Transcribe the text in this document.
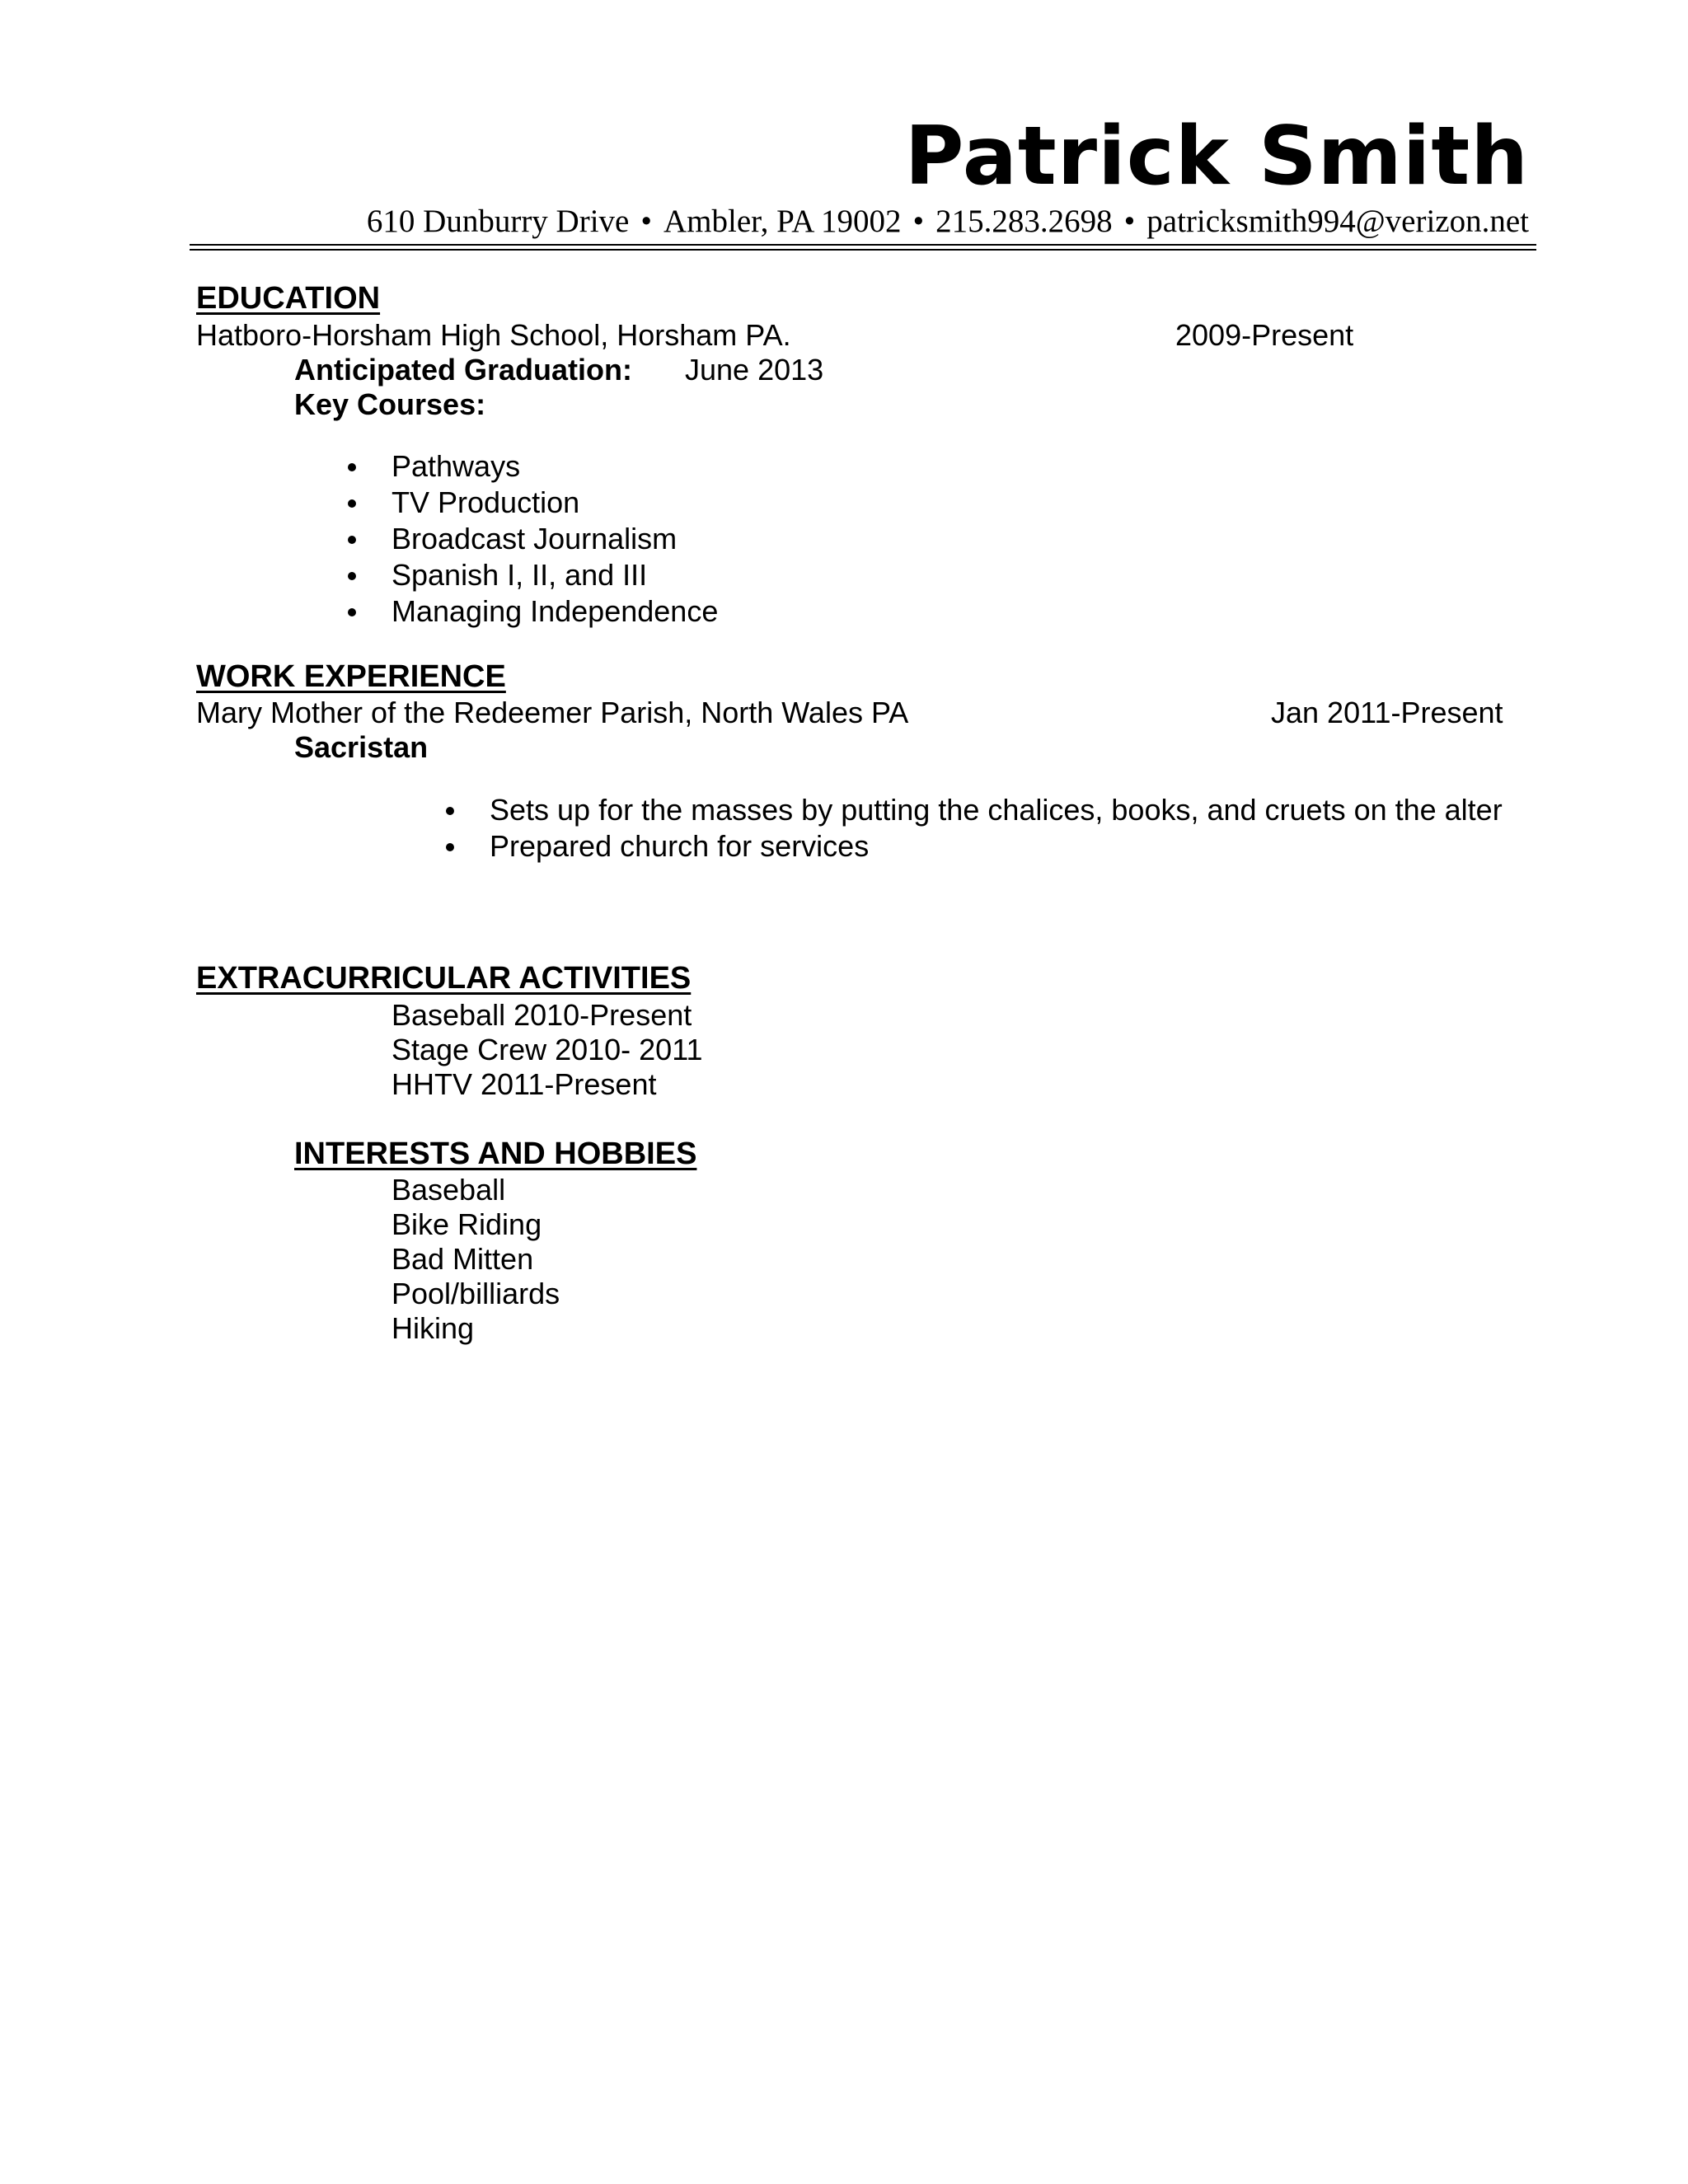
Patrick Smith
610 Dunburry Drive • Ambler, PA 19002 • 215.283.2698 • patricksmith994@verizon.net
EDUCATION
Hatboro-Horsham High School, Horsham PA.	2009-Present
Anticipated Graduation: June 2013
Key Courses:
Pathways
TV Production
Broadcast Journalism
Spanish I, II, and III
Managing Independence
WORK EXPERIENCE
Mary Mother of the Redeemer Parish, North Wales PA	Jan 2011-Present
Sacristan
Sets up for the masses by putting the chalices, books, and cruets on the alter
Prepared church for services
EXTRACURRICULAR ACTIVITIES
Baseball 2010-Present
Stage Crew 2010- 2011
HHTV 2011-Present
INTERESTS AND HOBBIES
Baseball
Bike Riding
Bad Mitten
Pool/billiards
Hiking
